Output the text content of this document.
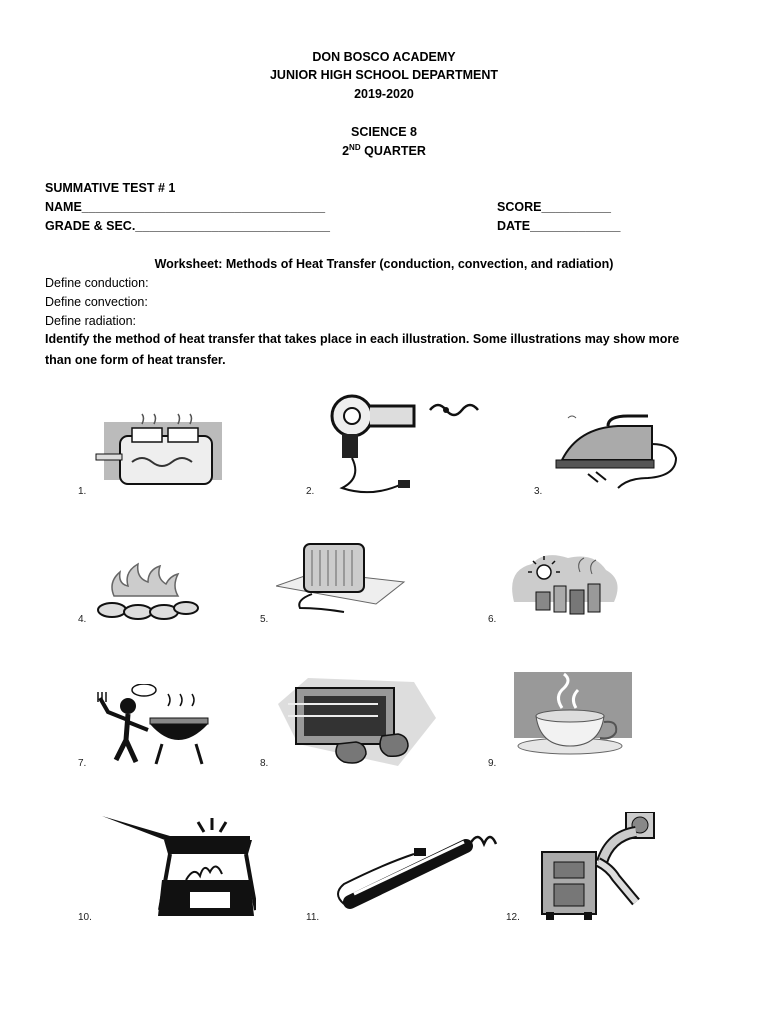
DON BOSCO ACADEMY
JUNIOR HIGH SCHOOL DEPARTMENT
2019-2020
SCIENCE 8
2ND QUARTER
SUMMATIVE TEST # 1
NAME___________________________________
GRADE & SEC.____________________________
SCORE__________
DATE_____________
Worksheet: Methods of Heat Transfer (conduction, convection, and radiation)
Define conduction:
Define convection:
Define radiation:
Identify the method of heat transfer that takes place in each illustration. Some illustrations may show more
than one form of heat transfer.
1.	2.	3.
4.	5.	6.
7.	8.	9.
10.	11.	12.
